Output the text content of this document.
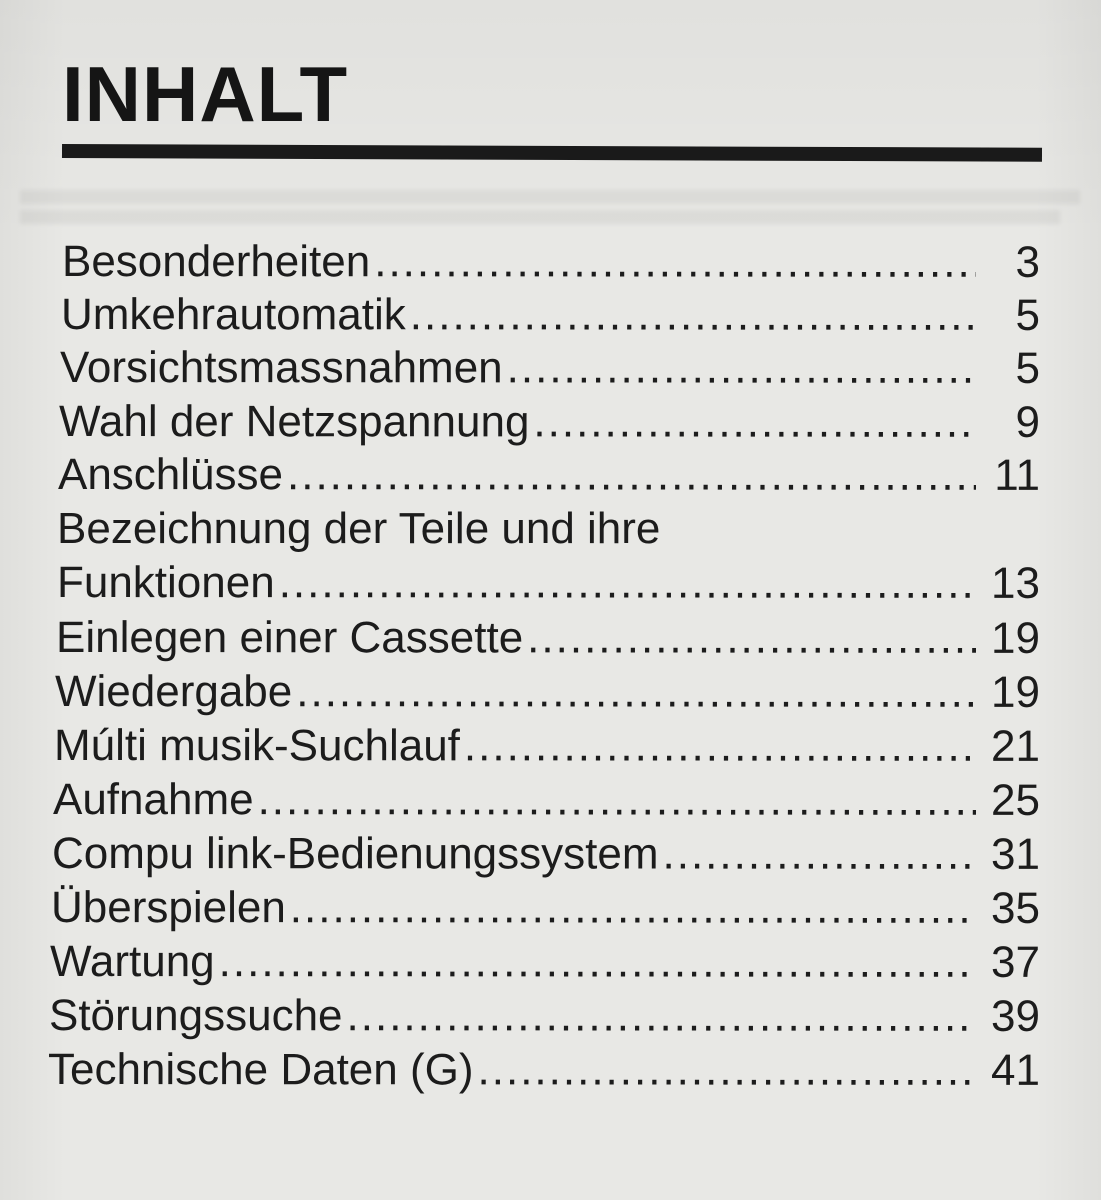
INHALT
Besonderheiten .....	3
Umkehrautomatik .....	5
Vorsichtsmassnahmen .....	5
Wahl der Netzspannung .....	9
Anschlüsse .....	11
Bezeichnung der Teile und ihre
Funktionen .....	13
Einlegen einer Cassette .....	19
Wiedergabe .....	19
Múlti musik-Suchlauf .....	21
Aufnahme .....	25
Compu link-Bedienungssystem .....	31
Überspielen .....	35
Wartung .....	37
Störungssuche .....	39
Technische Daten (G) .....	41
